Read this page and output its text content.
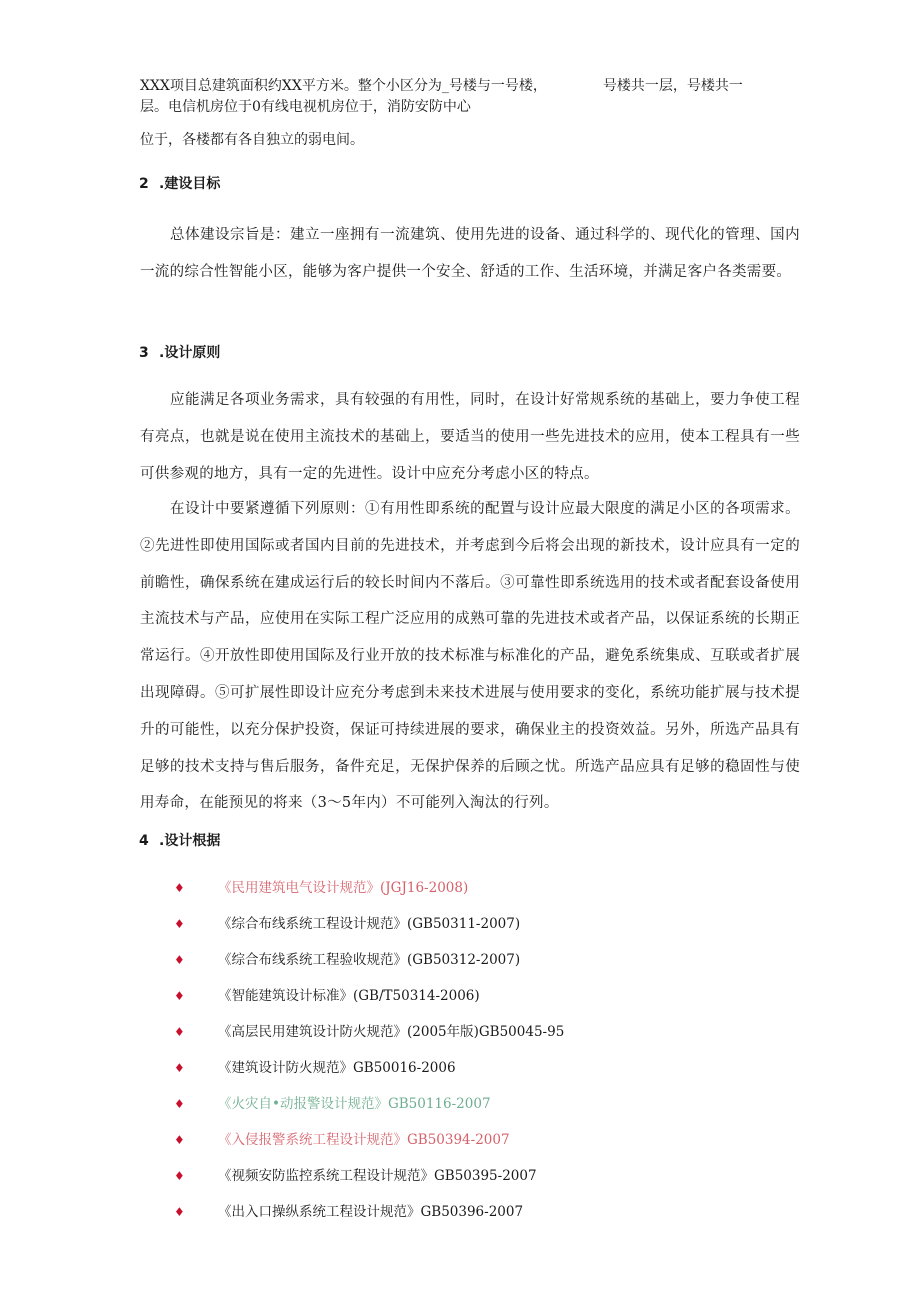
XXX项目总建筑面积约XX平方米。整个小区分为_号楼与一号楼，	号楼共一层，号楼共一
层。电信机房位于0有线电视机房位于，消防安防中心
位于，各楼都有各自独立的弱电间。
2 .建设目标
总体建设宗旨是：建立一座拥有一流建筑、使用先进的设备、通过科学的、现代化的管理、国内一流的综合性智能小区，能够为客户提供一个安全、舒适的工作、生活环境，并满足客户各类需要。
3 .设计原则
应能满足各项业务需求，具有较强的有用性，同时，在设计好常规系统的基础上，要力争使工程有亮点，也就是说在使用主流技术的基础上，要适当的使用一些先进技术的应用，使本工程具有一些可供参观的地方，具有一定的先进性。设计中应充分考虑小区的特点。
在设计中要紧遵循下列原则：①有用性即系统的配置与设计应最大限度的满足小区的各项需求。②先进性即使用国际或者国内目前的先进技术，并考虑到今后将会出现的新技术，设计应具有一定的前瞻性，确保系统在建成运行后的较长时间内不落后。③可靠性即系统选用的技术或者配套设备使用主流技术与产品，应使用在实际工程广泛应用的成熟可靠的先进技术或者产品，以保证系统的长期正常运行。④开放性即使用国际及行业开放的技术标准与标准化的产品，避免系统集成、互联或者扩展出现障碍。⑤可扩展性即设计应充分考虑到未来技术进展与使用要求的变化，系统功能扩展与技术提升的可能性，以充分保护投资，保证可持续进展的要求，确保业主的投资效益。另外，所选产品具有足够的技术支持与售后服务，备件充足，无保护保养的后顾之忧。所选产品应具有足够的稳固性与使用寿命，在能预见的将来（3～5年内）不可能列入淘汰的行列。
4 .设计根据
♦ 《民用建筑电气设计规范》(JGJ16-2008)
♦ 《综合布线系统工程设计规范》(GB50311-2007)
♦ 《综合布线系统工程验收规范》(GB50312-2007)
♦ 《智能建筑设计标准》(GB/T50314-2006)
♦ 《高层民用建筑设计防火规范》(2005年版)GB50045-95
♦ 《建筑设计防火规范》GB50016-2006
♦ 《火灾自•动报警设计规范》GB50116-2007
♦ 《入侵报警系统工程设计规范》GB50394-2007
♦ 《视频安防监控系统工程设计规范》GB50395-2007
♦ 《出入口操纵系统工程设计规范》GB50396-2007
